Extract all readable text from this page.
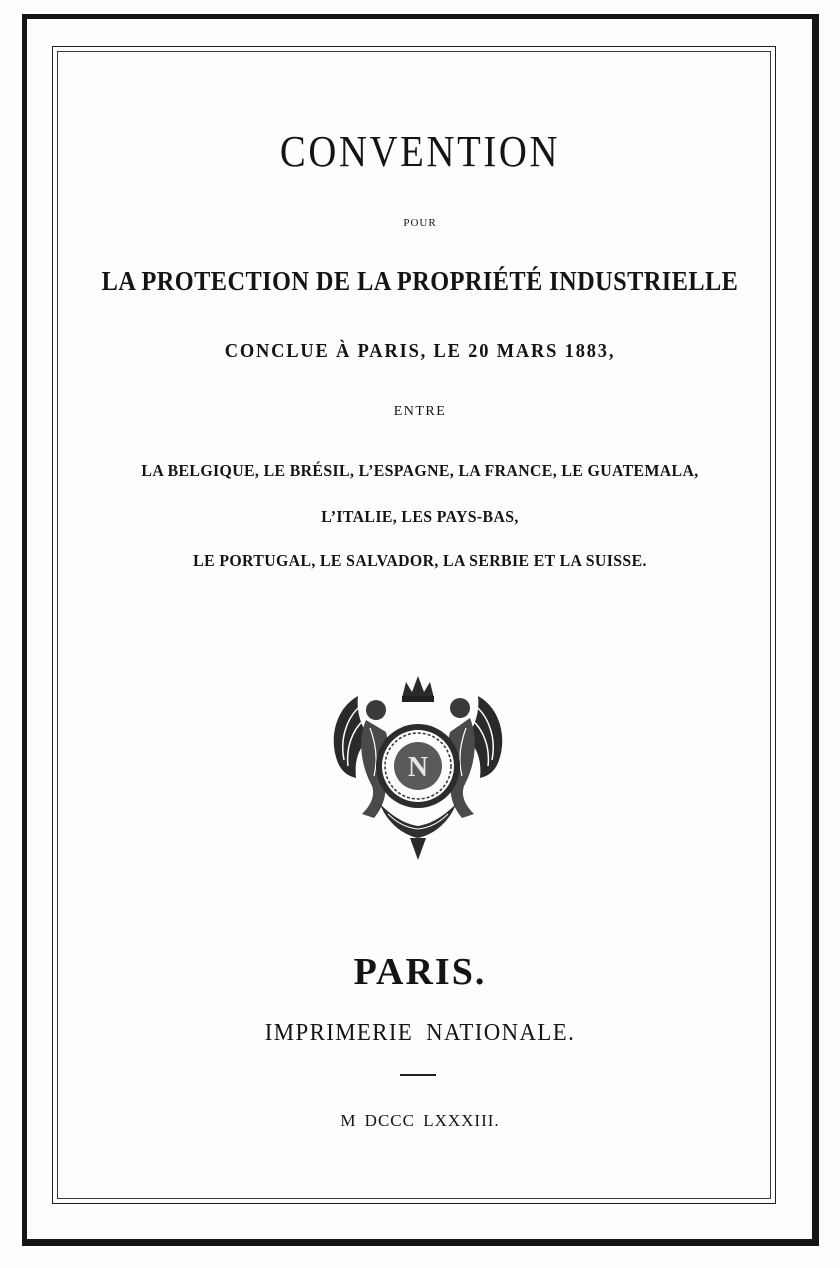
CONVENTION
POUR
LA PROTECTION DE LA PROPRIÉTÉ INDUSTRIELLE
CONCLUE À PARIS, LE 20 MARS 1883,
ENTRE
LA BELGIQUE, LE BRÉSIL, L’ESPAGNE, LA FRANCE, LE GUATEMALA,
L’ITALIE, LES PAYS-BAS,
LE PORTUGAL, LE SALVADOR, LA SERBIE ET LA SUISSE.
N
PARIS.
IMPRIMERIE NATIONALE.
M DCCC LXXXIII.
